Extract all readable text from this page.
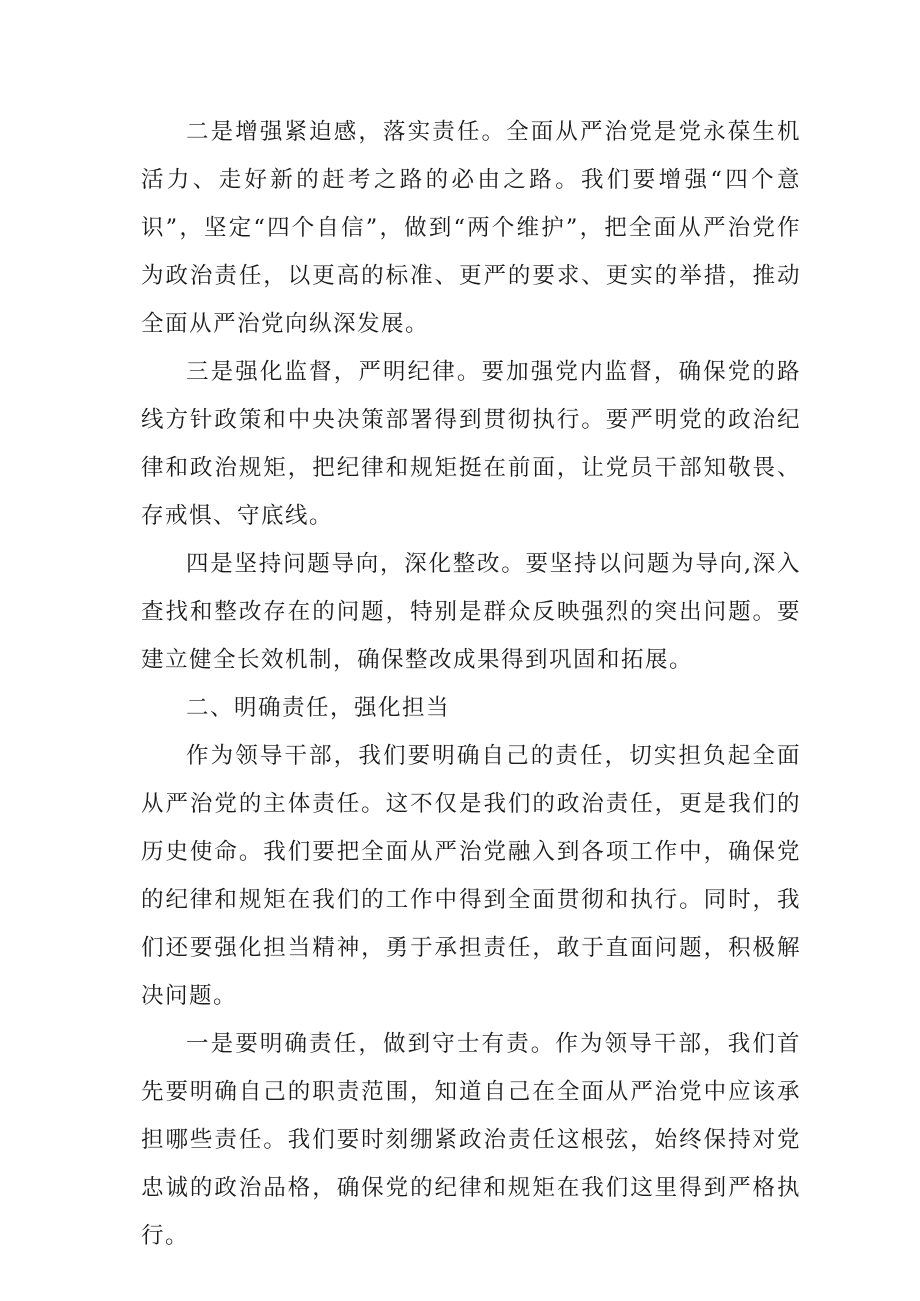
二是增强紧迫感，落实责任。全面从严治党是党永葆生机活力、走好新的赶考之路的必由之路。我们要增强“四个意识”，坚定“四个自信”，做到“两个维护”，把全面从严治党作为政治责任，以更高的标准、更严的要求、更实的举措，推动全面从严治党向纵深发展。

三是强化监督，严明纪律。要加强党内监督，确保党的路线方针政策和中央决策部署得到贯彻执行。要严明党的政治纪律和政治规矩，把纪律和规矩挺在前面，让党员干部知敬畏、存戒惧、守底线。

四是坚持问题导向，深化整改。要坚持以问题为导向,深入查找和整改存在的问题，特别是群众反映强烈的突出问题。要建立健全长效机制，确保整改成果得到巩固和拓展。

二、明确责任，强化担当

作为领导干部，我们要明确自己的责任，切实担负起全面从严治党的主体责任。这不仅是我们的政治责任，更是我们的历史使命。我们要把全面从严治党融入到各项工作中，确保党的纪律和规矩在我们的工作中得到全面贯彻和执行。同时，我们还要强化担当精神，勇于承担责任，敢于直面问题，积极解决问题。

一是要明确责任，做到守士有责。作为领导干部，我们首先要明确自己的职责范围，知道自己在全面从严治党中应该承担哪些责任。我们要时刻绷紧政治责任这根弦，始终保持对党忠诚的政治品格，确保党的纪律和规矩在我们这里得到严格执行。
